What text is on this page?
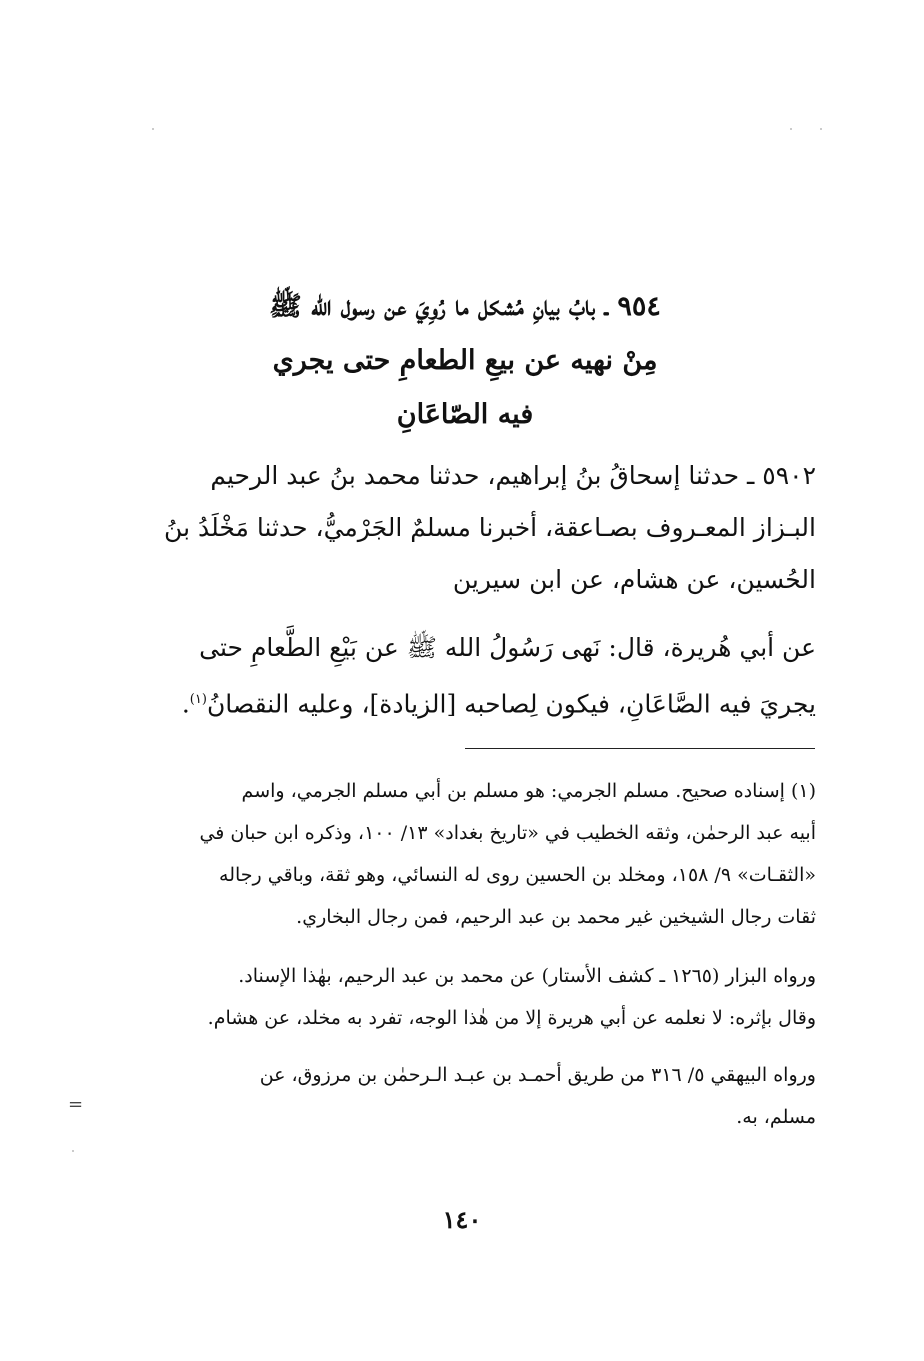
٩٥٤ ـ بابُ بيانِ مُشكل ما رُوِيَ عن رسول الله ﷺ
مِنْ نهيه عن بيعِ الطعامِ حتى يجري
فيه الصّاعَانِ
٥٩٠٢ ـ حدثنا إسحاقُ بنُ إبراهيم، حدثنا محمد بنُ عبد الرحيم
البـزاز المعـروف بصـاعقة، أخبرنا مسلمٌ الجَرْميُّ، حدثنا مَخْلَدُ بنُ
الحُسين، عن هشام، عن ابن سيرين
عن أبي هُريرة، قال: نَهى رَسُولُ الله ﷺ عن بَيْعِ الطَّعامِ حتى
يجريَ فيه الصَّاعَانِ، فيكون لِصاحبه [الزيادة]، وعليه النقصانُ$^{(١)}$.
(١) إسناده صحيح. مسلم الجرمي: هو مسلم بن أبي مسلم الجرمي، واسم
أبيه عبد الرحمٰن، وثقه الخطيب في «تاريخ بغداد» ١٣/ ١٠٠، وذكره ابن حبان في
«الثقـات» ٩/ ١٥٨، ومخلد بن الحسين روى له النسائي، وهو ثقة، وباقي رجاله
ثقات رجال الشيخين غير محمد بن عبد الرحيم، فمن رجال البخاري.
ورواه البزار (١٢٦٥ ـ كشف الأستار) عن محمد بن عبد الرحيم، بهٰذا الإسناد.
وقال بإثره: لا نعلمه عن أبي هريرة إلا من هٰذا الوجه، تفرد به مخلد، عن هشام.
ورواه البيهقي ٥/ ٣١٦ من طريق أحمـد بن عبـد الـرحمٰن بن مرزوق، عن
مسلم، به.
=
١٤٠
